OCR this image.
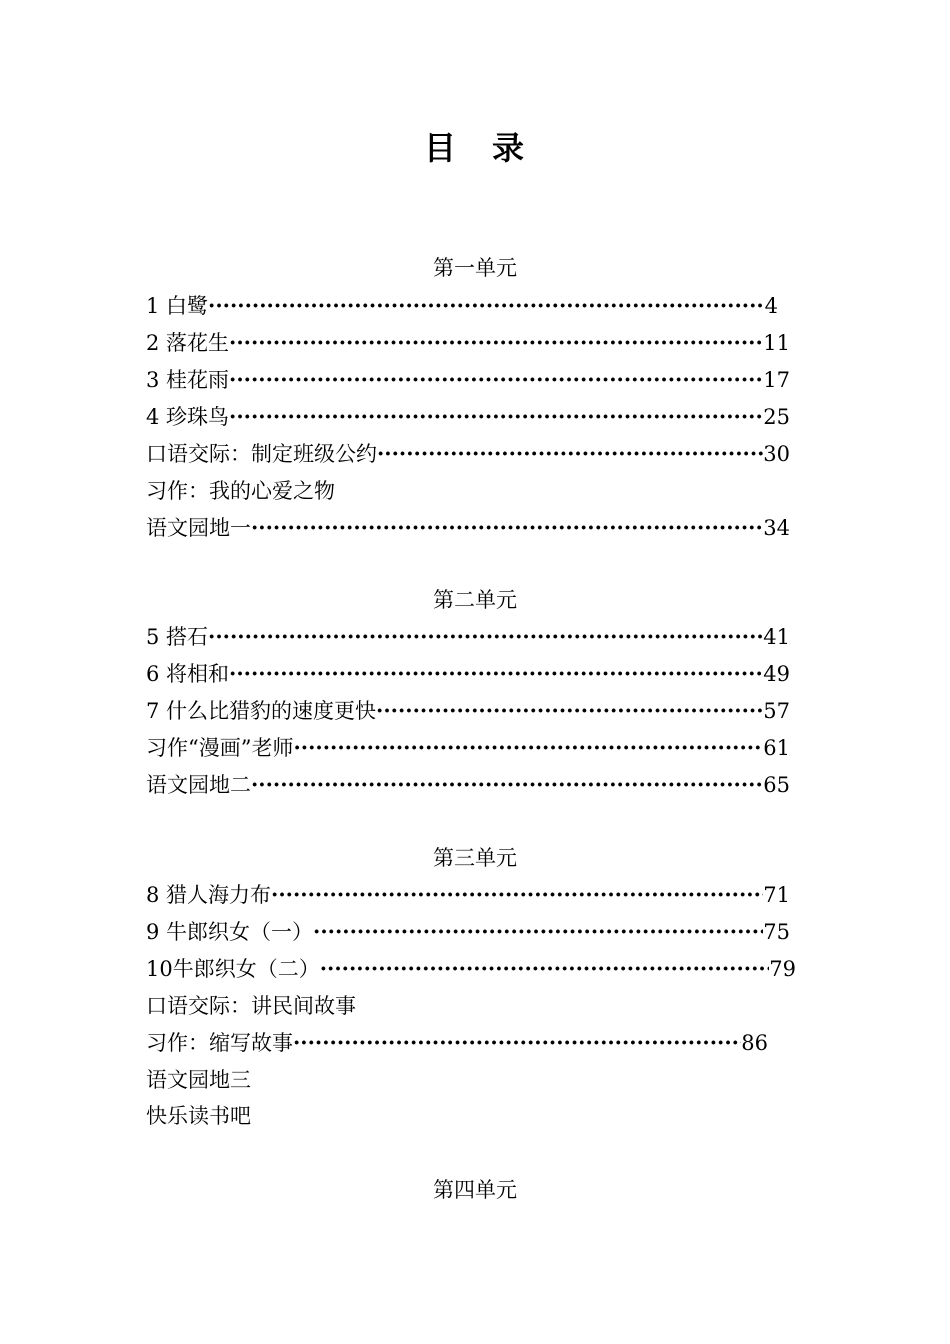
目　录
第一单元
1 白鹭 ·····	4
2 落花生 ·····	11
3 桂花雨 ·····	17
4 珍珠鸟 ·····	25
口语交际：制定班级公约 ·····	30
习作：我的心爱之物
语文园地一 ·····	34
第二单元
5 搭石 ·····	41
6 将相和 ·····	49
7 什么比猎豹的速度更快 ·····	57
习作“漫画”老师 ·····	61
语文园地二 ·····	65
第三单元
8 猎人海力布 ·····	71
9 牛郎织女（一） ·····	75
10牛郎织女（二） ·····	79
口语交际：讲民间故事
习作：缩写故事 ·····	86
语文园地三
快乐读书吧
第四单元
